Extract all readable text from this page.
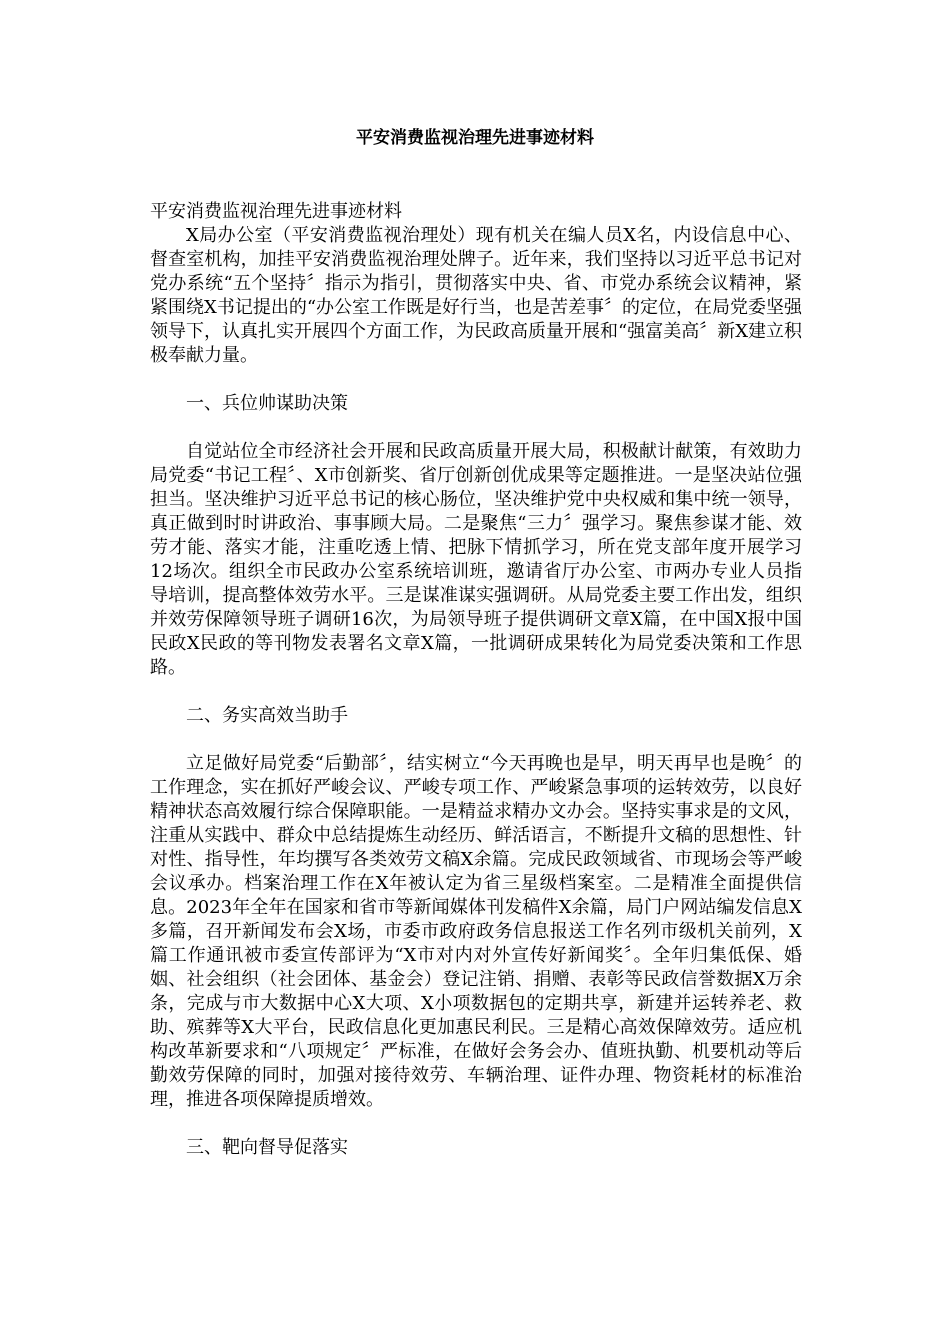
平安消费监视治理先进事迹材料

平安消费监视治理先进事迹材料

X局办公室（平安消费监视治理处）现有机关在编人员X名，内设信息中心、督查室机构，加挂平安消费监视治理处牌子。近年来，我们坚持以习近平总书记对党办系统“五个坚持〞指示为指引，贯彻落实中央、省、市党办系统会议精神，紧紧围绕X书记提出的“办公室工作既是好行当，也是苦差事〞的定位，在局党委坚强领导下，认真扎实开展四个方面工作，为民政高质量开展和“强富美高〞新X建立积极奉献力量。

一、兵位帅谋助决策

自觉站位全市经济社会开展和民政高质量开展大局，积极献计献策，有效助力局党委“书记工程〞、X市创新奖、省厅创新创优成果等定题推进。一是坚决站位强担当。坚决维护习近平总书记的核心肠位，坚决维护党中央权威和集中统一领导，真正做到时时讲政治、事事顾大局。二是聚焦“三力〞强学习。聚焦参谋才能、效劳才能、落实才能，注重吃透上情、把脉下情抓学习，所在党支部年度开展学习12场次。组织全市民政办公室系统培训班，邀请省厅办公室、市两办专业人员指导培训，提高整体效劳水平。三是谋准谋实强调研。从局党委主要工作出发，组织并效劳保障领导班子调研16次，为局领导班子提供调研文章X篇，在中国X报中国民政X民政的等刊物发表署名文章X篇，一批调研成果转化为局党委决策和工作思路。

二、务实高效当助手

立足做好局党委“后勤部〞，结实树立“今天再晚也是早，明天再早也是晚〞的工作理念，实在抓好严峻会议、严峻专项工作、严峻紧急事项的运转效劳，以良好精神状态高效履行综合保障职能。一是精益求精办文办会。坚持实事求是的文风，注重从实践中、群众中总结提炼生动经历、鲜活语言，不断提升文稿的思想性、针对性、指导性，年均撰写各类效劳文稿X余篇。完成民政领域省、市现场会等严峻会议承办。档案治理工作在X年被认定为省三星级档案室。二是精准全面提供信息。2023年全年在国家和省市等新闻媒体刊发稿件X余篇，局门户网站编发信息X多篇，召开新闻发布会X场，市委市政府政务信息报送工作名列市级机关前列，X篇工作通讯被市委宣传部评为“X市对内对外宣传好新闻奖〞。全年归集低保、婚姻、社会组织（社会团体、基金会）登记注销、捐赠、表彰等民政信誉数据X万余条，完成与市大数据中心X大项、X小项数据包的定期共享，新建并运转养老、救助、殡葬等X大平台，民政信息化更加惠民利民。三是精心高效保障效劳。适应机构改革新要求和“八项规定〞严标准，在做好会务会办、值班执勤、机要机动等后勤效劳保障的同时，加强对接待效劳、车辆治理、证件办理、物资耗材的标准治理，推进各项保障提质增效。

三、靶向督导促落实
